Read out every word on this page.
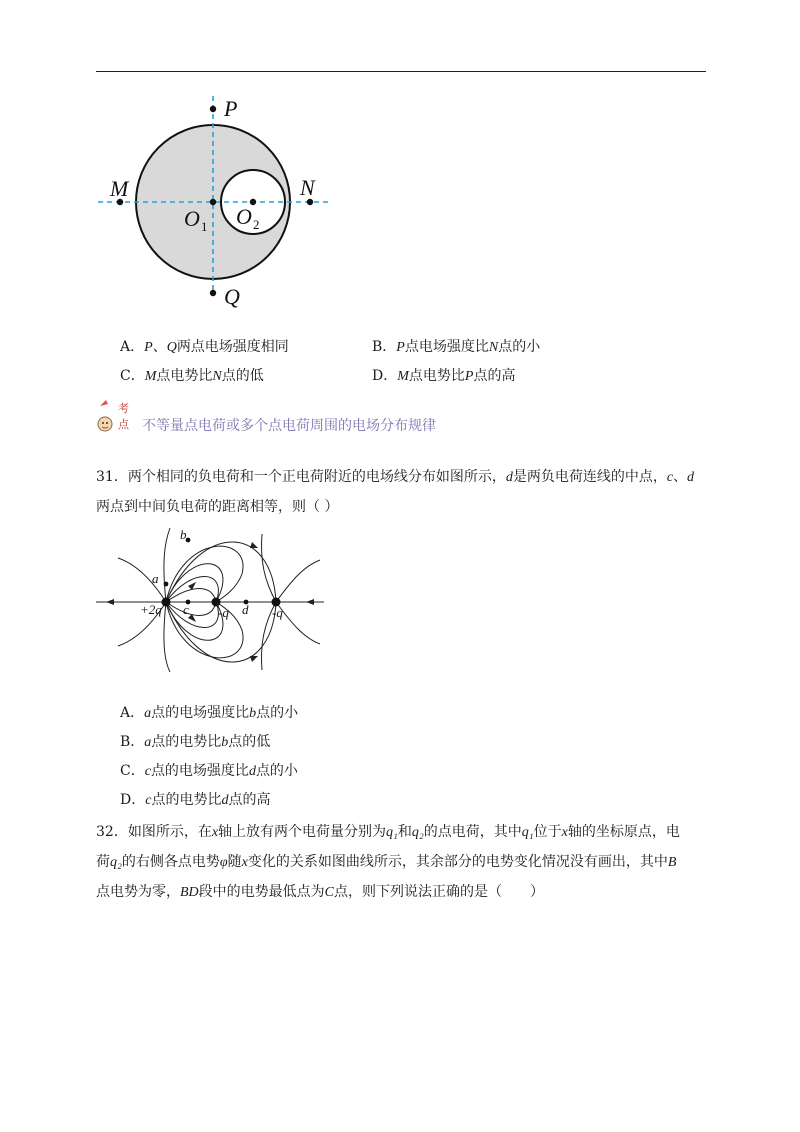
P
Q
M	N
O O
1	2
A．P、Q两点电场强度相同	B．P点电场强度比N点的小
C．M点电势比N点的低	D．M点电势比P点的高
考
点 不等量点电荷或多个点电荷周围的电场分布规律
31．两个相同的负电荷和一个正电荷附近的电场线分布如图所示，d是两负电荷连线的中点，c、d
两点到中间负电荷的距离相等，则（ ）
a
b
c	d
+2q	-q	-q
A．a点的电场强度比b点的小
B．a点的电势比b点的低
C．c点的电场强度比d点的小
D．c点的电势比d点的高
32．如图所示，在x轴上放有两个电荷量分别为q₁和q₂的点电荷，其中q₁位于x轴的坐标原点，电
荷q₂的右侧各点电势φ随x变化的关系如图曲线所示，其余部分的电势变化情况没有画出，其中B
点电势为零，BD段中的电势最低点为C点，则下列说法正确的是（　　）
